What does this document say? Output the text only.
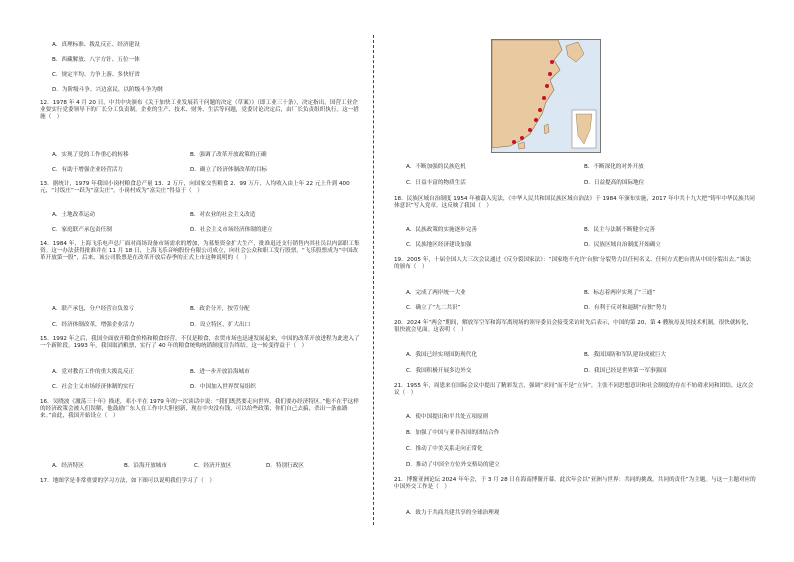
A．真理标准、拨乱反正、经济建设
B．西藏解放、八字方针、五位一体
C．规定平均、力争上游、多快好省
D．为阶级斗争、兴边富民、以阶级斗争为纲
12．1978 年 4 月 20 日，中共中央颁布《关于加快工业发展若干问题的决定（草案）》（即工业三十条），决定指出，国营工业企业要实行党委领导下的厂长分工负责制。企业的生产、技术、财务、生活等问题，党委讨论决定后，由厂长负责组织执行。这一措施（　）
A．实现了党的工作重心的转移	B．强调了改革开放政策的正确
C．有助于增强企业经营活力	D．确立了经济体制改革的目标
13．据统计，1979 年我国小岗村粮食总产量 13．2 万斤，向国家交售粮食 2．99 万斤，人均收入由上年 22 元上升到 400 元，“讨饭庄”一跃为“富尖庄”，小岗村成为“富尖庄”得益于（　）
A．土地改革运动	B．对农业的社会主义改造
C．家庭联产承包责任制	D．社会主义市场经济体制的建立
14．1984 年，上海飞乐电声总厂面对商场设备市场需求的增加，为募集资金扩大生产，批准退还支行销售内其社员以内部职工集资。这一办法获得批准并在 11 月 18 日，上海飞乐音响股份有限公司成立，向社会公众和职工发行股票，“飞乐股票成为“中国改革开放第一股”，后来，该公司股票是在改革开放后春季的正式上市这种说明的（　）
A．联产承包，分户经营自负盈亏	B．政企分开，按劳分配
C．经济体制改革，增强企业活力	D．设立特区，扩大出口
15．1992 年之后，我国全面放开粮食价格和粮食经营。不仅是粮食，农贸市场也迅速发展起来，中国的改革开放进程为此进入了一个新阶段。1993 年，我国取消粮票，实行了 40 年的粮食统购统销制度宣告终结。这一转变得益于（　）
A．党对教育工作的重大拨乱反正	B．进一步开放沿海城市
C．社会主义市场经济体制的实行	D．中国加入世界贸易组织
16．吴晓波《激荡三十年》描述，邓小平在 1979 年的一次谈话中说：“我们既然要走向世界，我们要办经济特区。”他不在乎这样的经济政策会被人们误解，他鼓励广东人在工作中大胆创新，现在中央没有钱，可以给些政策，你们自己去搞，杀出一条血路来。”由此，我国开始设立（　）
A．经济特区	B．沿海开放城市	C．经济开放区	D．特别行政区
17．地图学是非常重要的学习方法，如下图可以说明我们学习了（　）
A．不断加强的民族危机	B．不断深化的对外开放
C．日益丰富的物质生活	D．日益提高的国际地位
18．民族区域自治制度 1954 年被载入宪法，《中华人民共和国民族区域自治法》于 1984 年颁布实施，2017 年中共十九大把“铸牢中华民族共同体意识”写入党章。这反映了我国（　）
A．民族政策的实施逐步完善	B．民主与法制不断健全完善
C．民族地区经济建设加强	D．民族区域自治制度开始确立
19．2005 年，十届全国人大三次会议通过《反分裂国家法》：“国家绝不允许‘台独’分裂势力以任何名义、任何方式把台湾从中国分裂出去。”该法的颁布（　）
A．完成了两岸统一大业	B．标志着两岸实现了“三通”
C．确立了“九二共识”	D．有利于反对和遏制“台独”势力
20．2024 年“两会”期间，解放军空军和海军离现场的领导委员会接受采访时先后表示，中国的第 20、第 4 艘航母及其技术机制，很快就转化，很快就会见面。这表明（　）
A．我国已经实现国防现代化	B．我国国防和军队建设成就巨大
C．我国积极开展多边外交	D．我国已经是世界第一军事强国
21．1955 年，周恩来在国际会议中提出了精彩发言，强调“求同”而不是“立异”，主张不同思想意识和社会制度的存在不妨碍求同和团结。这次会议（　）
A．使中国提出和平共处五项原则
B．加强了中国与亚非各国的团结合作
C．推动了中美关系走向正常化
D．推动了中国全方位外交格局的建立
21．博鳌亚洲论坛 2024 年年会，于 3 月 28 日在海南博鳌开幕。此次年会以“亚洲与世界：共同的挑战，共同的责任”为主题。与这一主题对应的中国外交工作是（　）
A．致力于共商共建共享的全球治理观
